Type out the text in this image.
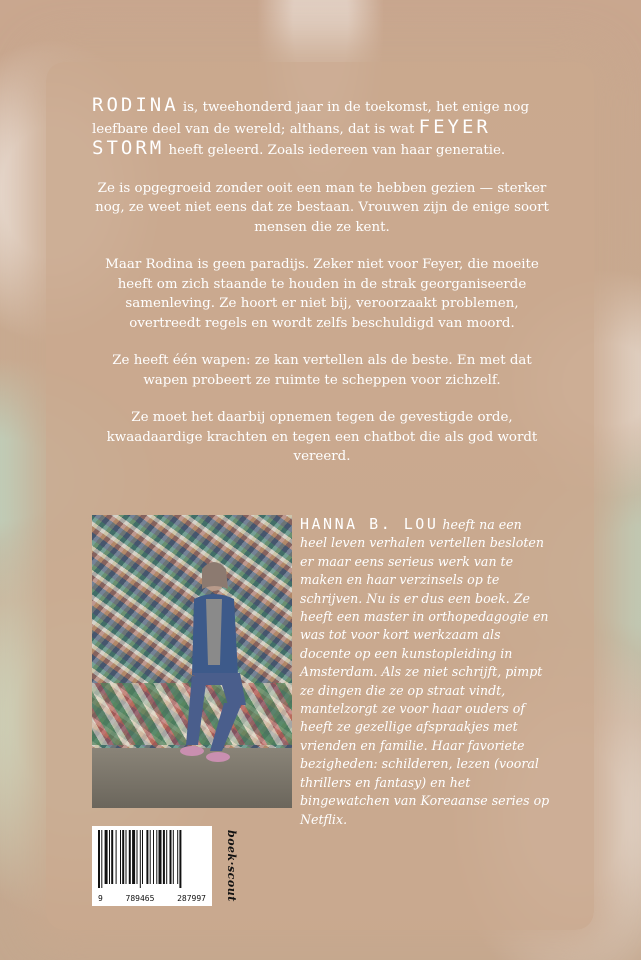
RODINA is, tweehonderd jaar in de toekomst, het enige nog leefbare deel van de wereld; althans, dat is wat FEYER STORM heeft geleerd. Zoals iedereen van haar generatie.

Ze is opgegroeid zonder ooit een man te hebben gezien — sterker nog, ze weet niet eens dat ze bestaan. Vrouwen zijn de enige soort mensen die ze kent.

Maar Rodina is geen paradijs. Zeker niet voor Feyer, die moeite heeft om zich staande te houden in de strak georganiseerde samenleving. Ze hoort er niet bij, veroorzaakt problemen, overtreedt regels en wordt zelfs beschuldigd van moord.

Ze heeft één wapen: ze kan vertellen als de beste. En met dat wapen probeert ze ruimte te scheppen voor zichzelf.

Ze moet het daarbij opnemen tegen de gevestigde orde, kwaadaardige krachten en tegen een chatbot die als god wordt vereerd.

HANNA B. LOU heeft na een heel leven verhalen vertellen besloten er maar eens serieus werk van te maken en haar verzinsels op te schrijven. Nu is er dus een boek. Ze heeft een master in orthopedagogie en was tot voor kort werkzaam als docente op een kunstopleiding in Amsterdam. Als ze niet schrijft, pimpt ze dingen die ze op straat vindt, mantelzorgt ze voor haar ouders of heeft ze gezellige afspraakjes met vrienden en familie. Haar favoriete bezigheden: schilderen, lezen (vooral thrillers en fantasy) en het bingewatchen van Koreaanse series op Netflix.
9	789465	287997 boek·scout
